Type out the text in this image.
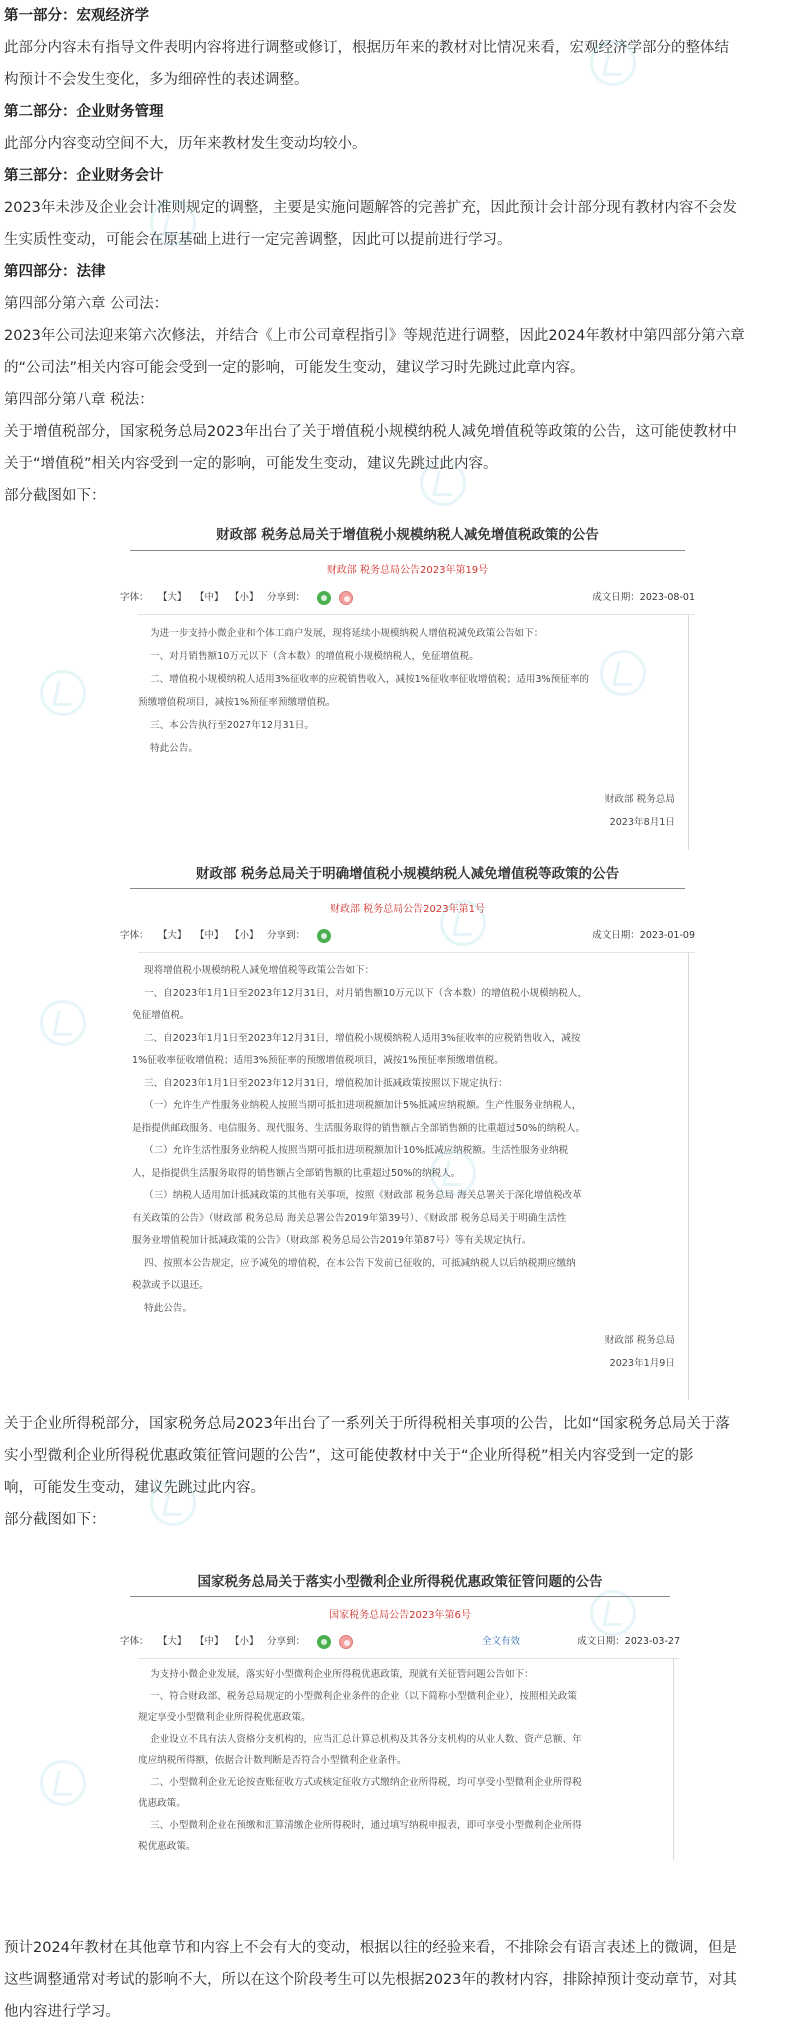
第一部分：宏观经济学
此部分内容未有指导文件表明内容将进行调整或修订，根据历年来的教材对比情况来看，宏观经济学部分的整体结
构预计不会发生变化，多为细碎性的表述调整。
第二部分：企业财务管理
此部分内容变动空间不大，历年来教材发生变动均较小。
第三部分：企业财务会计
2023年未涉及企业会计准则规定的调整，主要是实施问题解答的完善扩充，因此预计会计部分现有教材内容不会发
生实质性变动，可能会在原基础上进行一定完善调整，因此可以提前进行学习。
第四部分：法律
第四部分第六章 公司法：
2023年公司法迎来第六次修法，并结合《上市公司章程指引》等规范进行调整，因此2024年教材中第四部分第六章
的“公司法”相关内容可能会受到一定的影响，可能发生变动，建议学习时先跳过此章内容。
第四部分第八章 税法：
关于增值税部分，国家税务总局2023年出台了关于增值税小规模纳税人减免增值税等政策的公告，这可能使教材中
关于“增值税”相关内容受到一定的影响，可能发生变动，建议先跳过此内容。
部分截图如下：
财政部 税务总局关于增值税小规模纳税人减免增值税政策的公告
财政部 税务总局公告2023年第19号
字体： 【大】 【中】 【小】 分享到：	成文日期：2023-08-01
为进一步支持小微企业和个体工商户发展，现将延续小规模纳税人增值税减免政策公告如下：
一、对月销售额10万元以下（含本数）的增值税小规模纳税人，免征增值税。
二、增值税小规模纳税人适用3%征收率的应税销售收入，减按1%征收率征收增值税；适用3%预征率的
预缴增值税项目，减按1%预征率预缴增值税。
三、本公告执行至2027年12月31日。
特此公告。
财政部 税务总局
2023年8月1日
财政部 税务总局关于明确增值税小规模纳税人减免增值税等政策的公告
财政部 税务总局公告2023年第1号
字体： 【大】 【中】 【小】 分享到：	成文日期：2023-01-09
现将增值税小规模纳税人减免增值税等政策公告如下：
一、自2023年1月1日至2023年12月31日，对月销售额10万元以下（含本数）的增值税小规模纳税人，
免征增值税。
二、自2023年1月1日至2023年12月31日，增值税小规模纳税人适用3%征收率的应税销售收入，减按
1%征收率征收增值税；适用3%预征率的预缴增值税项目，减按1%预征率预缴增值税。
三、自2023年1月1日至2023年12月31日，增值税加计抵减政策按照以下规定执行：
（一）允许生产性服务业纳税人按照当期可抵扣进项税额加计5%抵减应纳税额。生产性服务业纳税人，
是指提供邮政服务、电信服务、现代服务、生活服务取得的销售额占全部销售额的比重超过50%的纳税人。
（二）允许生活性服务业纳税人按照当期可抵扣进项税额加计10%抵减应纳税额。生活性服务业纳税
人，是指提供生活服务取得的销售额占全部销售额的比重超过50%的纳税人。
（三）纳税人适用加计抵减政策的其他有关事项，按照《财政部 税务总局 海关总署关于深化增值税改革
有关政策的公告》（财政部 税务总局 海关总署公告2019年第39号）、《财政部 税务总局关于明确生活性
服务业增值税加计抵减政策的公告》（财政部 税务总局公告2019年第87号）等有关规定执行。
四、按照本公告规定，应予减免的增值税，在本公告下发前已征收的，可抵减纳税人以后纳税期应缴纳
税款或予以退还。
特此公告。
财政部 税务总局
2023年1月9日
关于企业所得税部分，国家税务总局2023年出台了一系列关于所得税相关事项的公告，比如“国家税务总局关于落
实小型微利企业所得税优惠政策征管问题的公告”，这可能使教材中关于“企业所得税”相关内容受到一定的影
响，可能发生变动，建议先跳过此内容。
部分截图如下：
国家税务总局关于落实小型微利企业所得税优惠政策征管问题的公告
国家税务总局公告2023年第6号
字体： 【大】 【中】 【小】 分享到：	全文有效	成文日期：2023-03-27
为支持小微企业发展，落实好小型微利企业所得税优惠政策，现就有关征管问题公告如下：
一、符合财政部、税务总局规定的小型微利企业条件的企业（以下简称小型微利企业），按照相关政策
规定享受小型微利企业所得税优惠政策。
企业设立不具有法人资格分支机构的，应当汇总计算总机构及其各分支机构的从业人数、资产总额、年
度应纳税所得额，依据合计数判断是否符合小型微利企业条件。
二、小型微利企业无论按查账征收方式或核定征收方式缴纳企业所得税，均可享受小型微利企业所得税
优惠政策。
三、小型微利企业在预缴和汇算清缴企业所得税时，通过填写纳税申报表，即可享受小型微利企业所得
税优惠政策。
预计2024年教材在其他章节和内容上不会有大的变动，根据以往的经验来看，不排除会有语言表述上的微调，但是
这些调整通常对考试的影响不大，所以在这个阶段考生可以先根据2023年的教材内容，排除掉预计变动章节，对其
他内容进行学习。
